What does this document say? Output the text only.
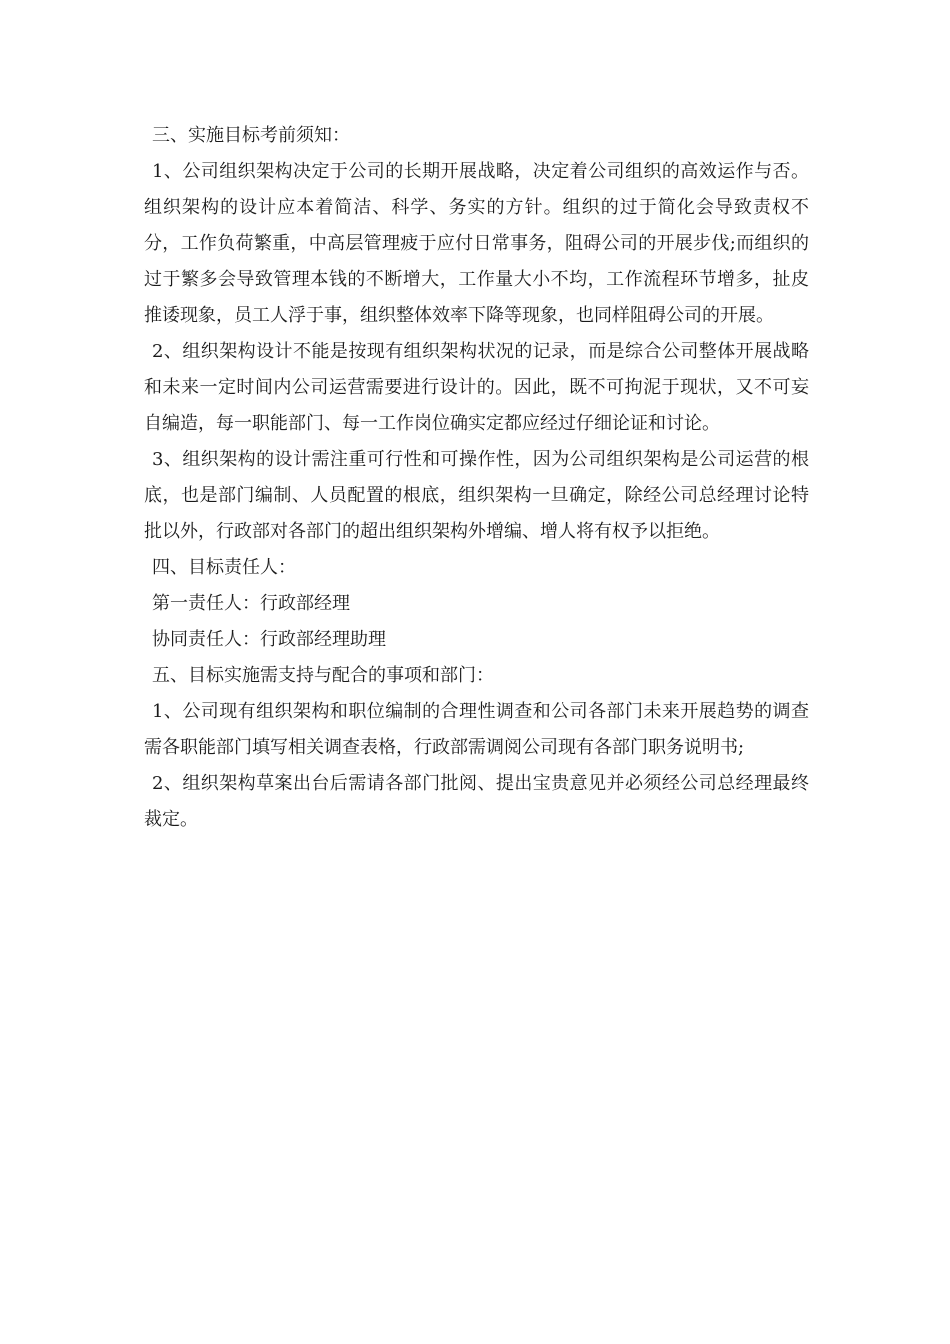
三、实施目标考前须知：

1、公司组织架构决定于公司的长期开展战略，决定着公司组织的高效运作与否。组织架构的设计应本着简洁、科学、务实的方针。组织的过于简化会导致责权不分，工作负荷繁重，中高层管理疲于应付日常事务，阻碍公司的开展步伐;而组织的过于繁多会导致管理本钱的不断增大，工作量大小不均，工作流程环节增多，扯皮推诿现象，员工人浮于事，组织整体效率下降等现象，也同样阻碍公司的开展。

2、组织架构设计不能是按现有组织架构状况的记录，而是综合公司整体开展战略和未来一定时间内公司运营需要进行设计的。因此，既不可拘泥于现状，又不可妄自编造，每一职能部门、每一工作岗位确实定都应经过仔细论证和讨论。

3、组织架构的设计需注重可行性和可操作性，因为公司组织架构是公司运营的根底，也是部门编制、人员配置的根底，组织架构一旦确定，除经公司总经理讨论特批以外，行政部对各部门的超出组织架构外增编、增人将有权予以拒绝。

四、目标责任人：

第一责任人：行政部经理

协同责任人：行政部经理助理

五、目标实施需支持与配合的事项和部门：

1、公司现有组织架构和职位编制的合理性调查和公司各部门未来开展趋势的调查需各职能部门填写相关调查表格，行政部需调阅公司现有各部门职务说明书;

2、组织架构草案出台后需请各部门批阅、提出宝贵意见并必须经公司总经理最终裁定。
